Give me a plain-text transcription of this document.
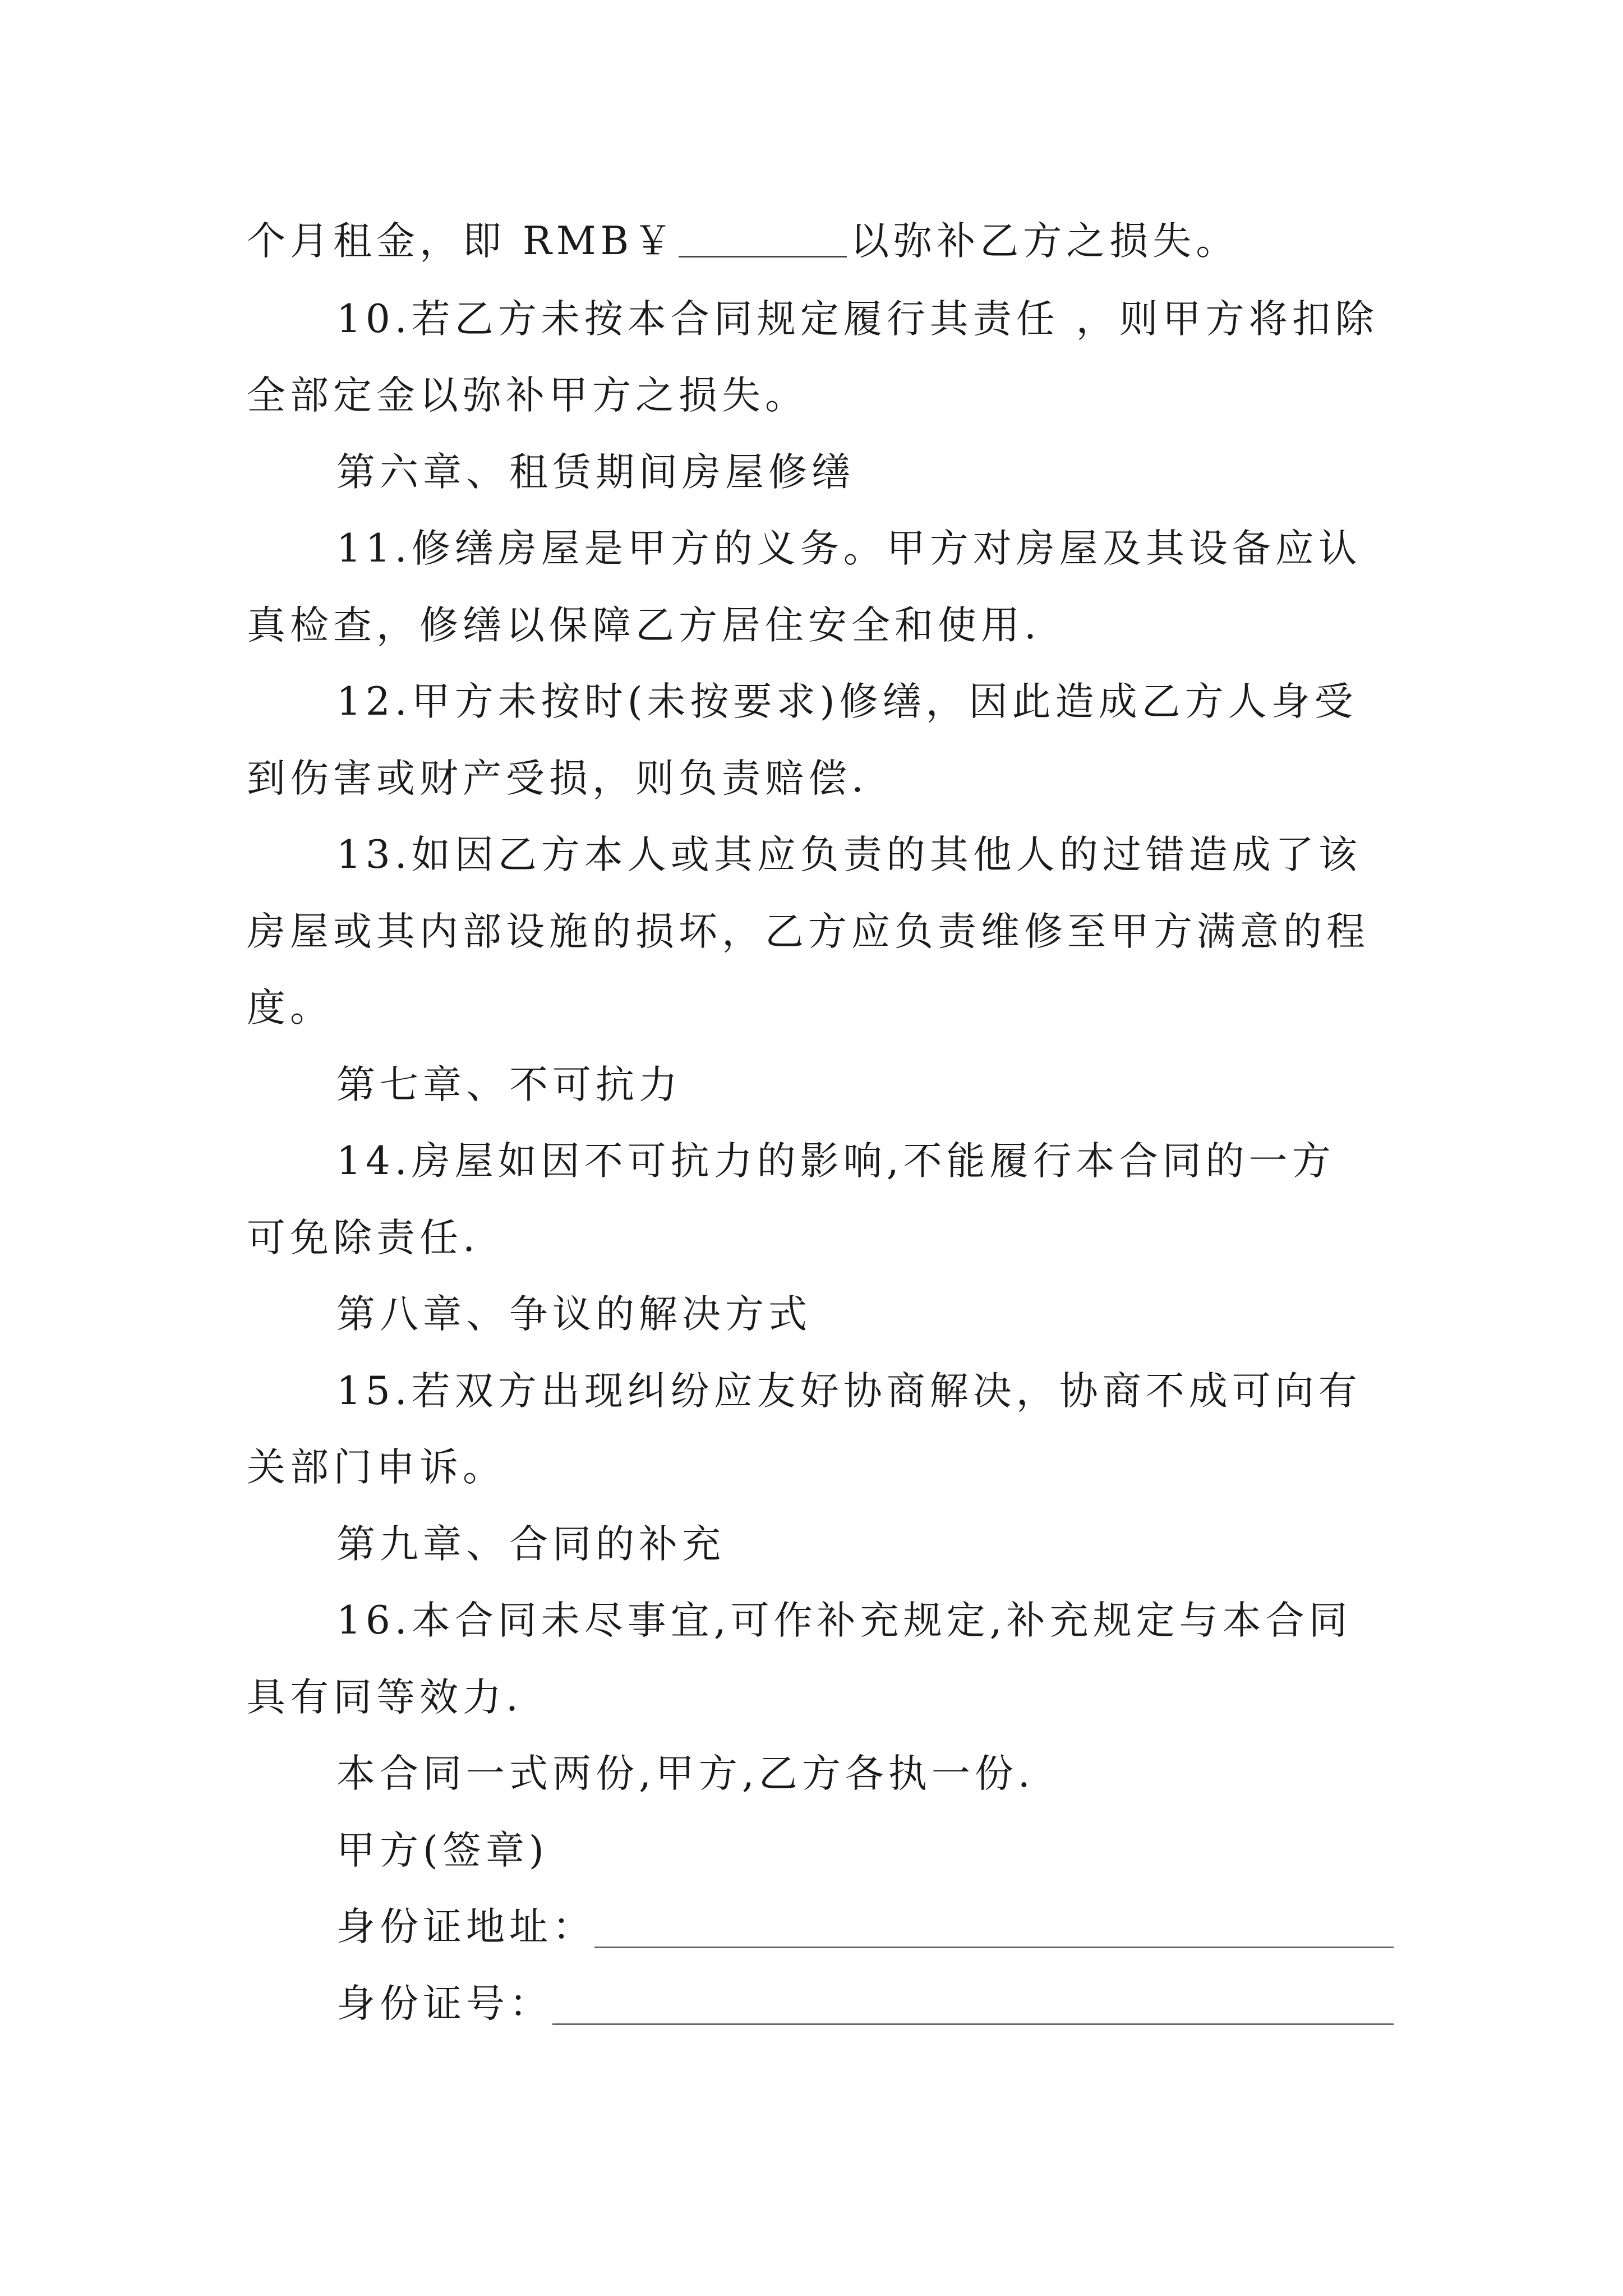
个月租金，即 RMB￥	以弥补乙方之损失。
10.若乙方未按本合同规定履行其责任 ，则甲方将扣除
全部定金以弥补甲方之损失。
第六章、租赁期间房屋修缮
11.修缮房屋是甲方的义务。甲方对房屋及其设备应认
真检查，修缮以保障乙方居住安全和使用.
12.甲方未按时(未按要求)修缮，因此造成乙方人身受
到伤害或财产受损，则负责赔偿.
13.如因乙方本人或其应负责的其他人的过错造成了该
房屋或其内部设施的损坏，乙方应负责维修至甲方满意的程
度。
第七章、不可抗力
14.房屋如因不可抗力的影响,不能履行本合同的一方
可免除责任.
第八章、争议的解决方式
15.若双方出现纠纷应友好协商解决，协商不成可向有
关部门申诉。
第九章、合同的补充
16.本合同未尽事宜,可作补充规定,补充规定与本合同
具有同等效力.
本合同一式两份,甲方,乙方各执一份.
甲方(签章)
身份证地址：
身份证号：
